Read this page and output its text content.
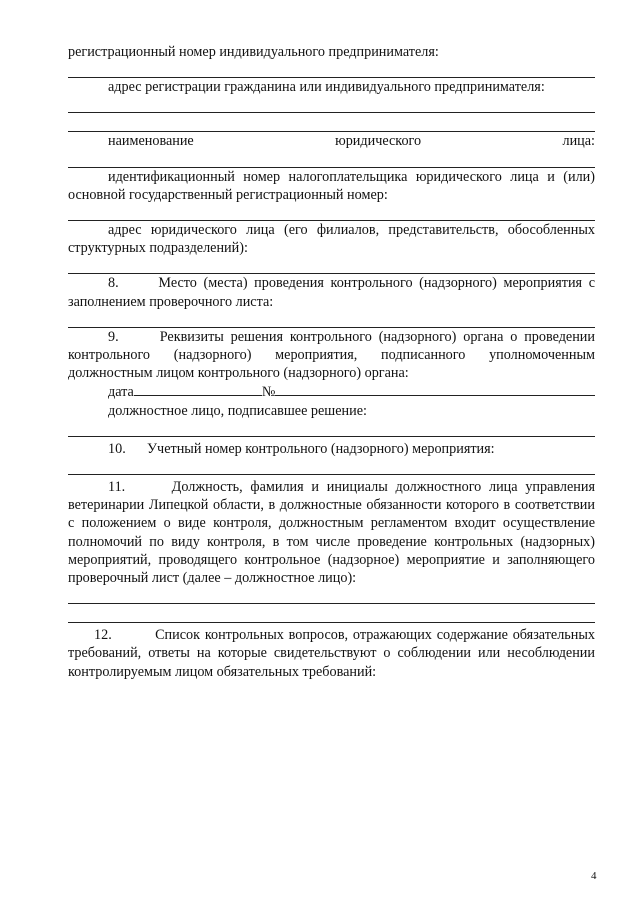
регистрационный номер индивидуального предпринимателя:

адрес регистрации гражданина или индивидуального предпринимателя:

наименование юридического лица:

идентификационный номер налогоплательщика юридического лица и (или) основной государственный регистрационный номер:

адрес юридического лица (его филиалов, представительств, обособленных структурных подразделений):

8.	Место (места) проведения контрольного (надзорного) мероприятия с заполнением проверочного листа:

9.	Реквизиты решения контрольного (надзорного) органа о проведении контрольного (надзорного) мероприятия, подписанного уполномоченным должностным лицом контрольного (надзорного) органа:

дата	№

должностное лицо, подписавшее решение:

10. Учетный номер контрольного (надзорного) мероприятия:

11.	Должность, фамилия и инициалы должностного лица управления ветеринарии Липецкой области, в должностные обязанности которого в соответствии с положением о виде контроля, должностным регламентом входит осуществление полномочий по виду контроля, в том числе проведение контрольных (надзорных) мероприятий, проводящего контрольное (надзорное) мероприятие и заполняющего проверочный лист (далее – должностное лицо):

12.	Список контрольных вопросов, отражающих содержание обязательных требований, ответы на которые свидетельствуют о соблюдении или несоблюдении контролируемым лицом обязательных требований:

4
